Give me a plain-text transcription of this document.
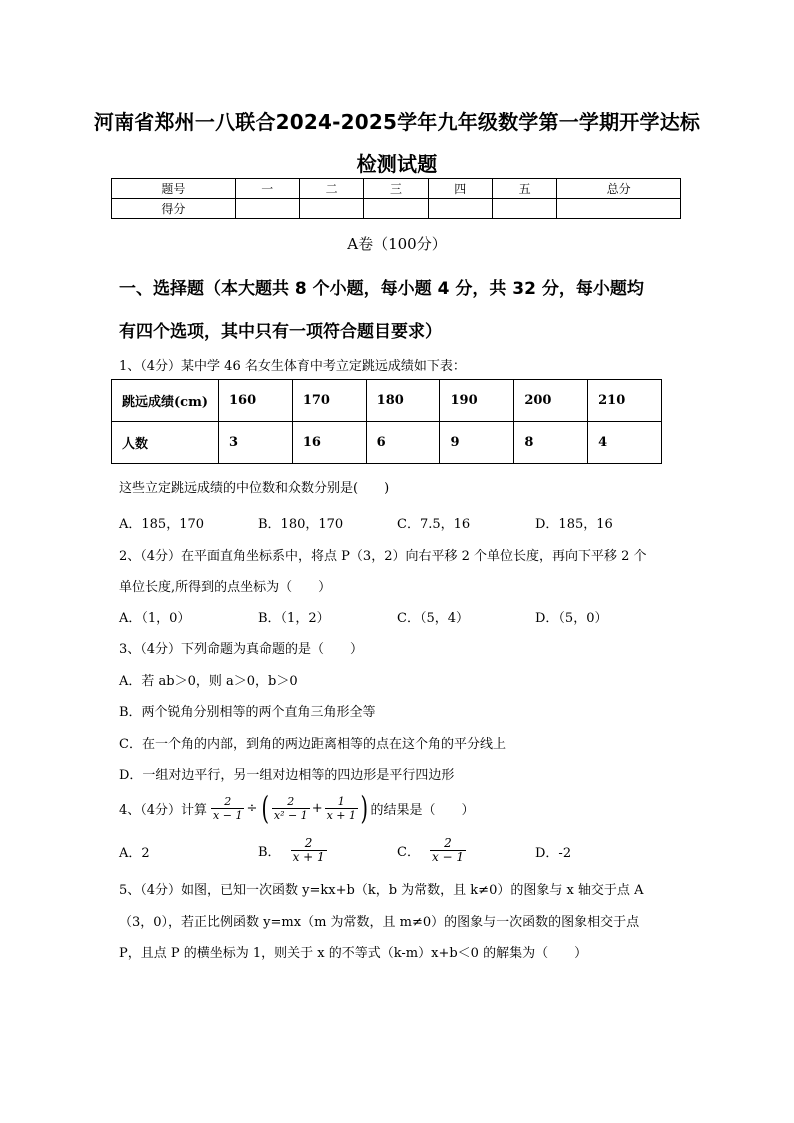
河南省郑州一八联合2024-2025学年九年级数学第一学期开学达标
检测试题
题号	一	二	三	四	五	总分
得分						
A卷（100分）
一、选择题（本大题共 8 个小题，每小题 4 分，共 32 分，每小题均
有四个选项，其中只有一项符合题目要求）
1、（4分）某中学 46 名女生体育中考立定跳远成绩如下表：
跳远成绩(cm)	160	170	180	190	200	210
人数	3	16	6	9	8	4
这些立定跳远成绩的中位数和众数分别是(　　)
A．185，170	B．180，170	C．7.5，16	D．185，16
2、（4分）在平面直角坐标系中，将点 P（3，2）向右平移 2 个单位长度，再向下平移 2 个
单位长度,所得到的点坐标为（　　）
A．（1，0）	B．（1，2）	C．（5，4）	D．（5，0）
3、（4分）下列命题为真命题的是（　　）
A．若 ab＞0，则 a＞0，b＞0
B．两个锐角分别相等的两个直角三角形全等
C．在一个角的内部，到角的两边距离相等的点在这个角的平分线上
D．一组对边平行，另一组对边相等的四边形是平行四边形
4、（4分）计算 $\frac{2}{x - 1}$ ÷ ( $\frac{2}{\text{x² − 1}} + \frac{1}{x + 1}$ ) 的结果是（　　）
A．2	B． $\frac{2}{x + 1}$	C． $\frac{2}{x - 1}$	D．-2
5、（4分）如图，已知一次函数 y=kx+b（k，b 为常数，且 k≠0）的图象与 x 轴交于点 A
（3，0），若正比例函数 y=mx（m 为常数，且 m≠0）的图象与一次函数的图象相交于点
P，且点 P 的横坐标为 1，则关于 x 的不等式（k-m）x+b＜0 的解集为（　　）
